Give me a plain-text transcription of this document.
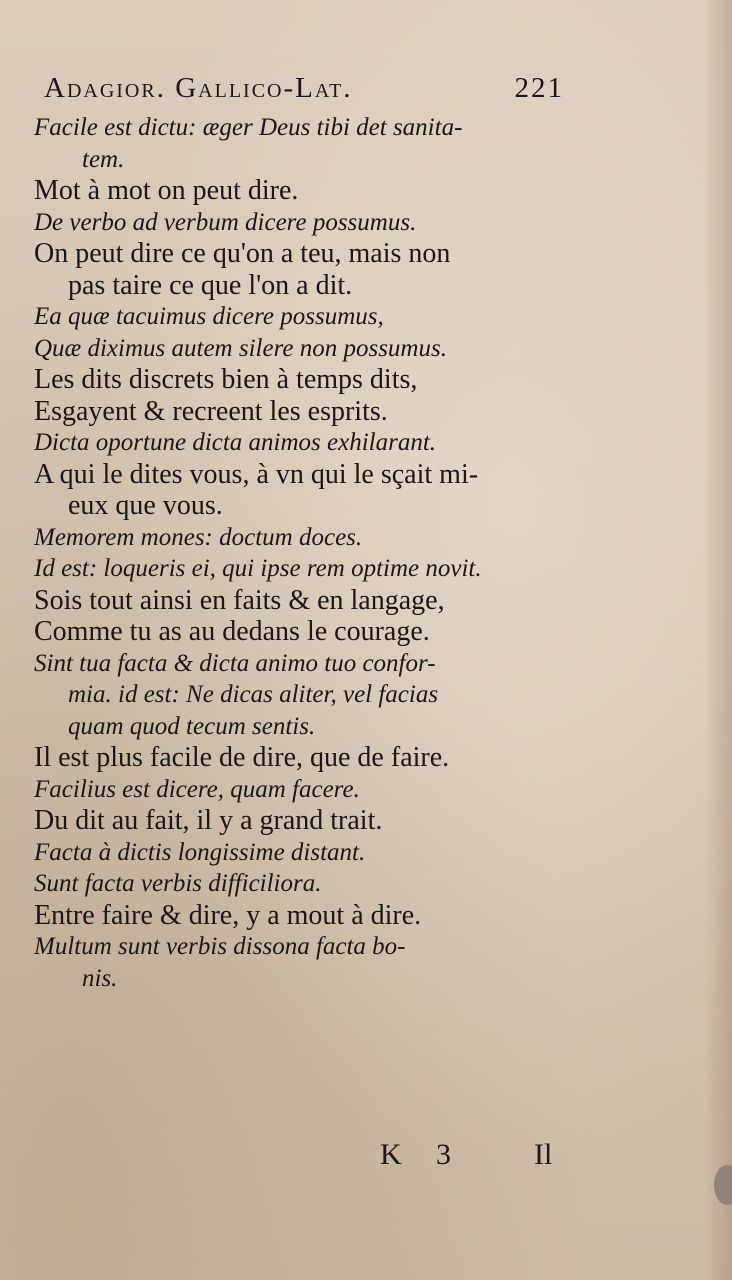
Adagior. Gallico-Lat.	221
Facile est dictu: æger Deus tibi det sanita-
tem.
Mot à mot on peut dire.
De verbo ad verbum dicere possumus.
On peut dire ce qu'on a teu, mais non
pas taire ce que l'on a dit.
Ea quæ tacuimus dicere possumus,
Quæ diximus autem silere non possumus.
Les dits discrets bien à temps dits,
Esgayent & recreent les esprits.
Dicta oportune dicta animos exhilarant.
A qui le dites vous, à vn qui le sçait mi-
eux que vous.
Memorem mones: doctum doces.
Id est: loqueris ei, qui ipse rem optime novit.
Sois tout ainsi en faits & en langage,
Comme tu as au dedans le courage.
Sint tua facta & dicta animo tuo confor-
mia. id est: Ne dicas aliter, vel facias
quam quod tecum sentis.
Il est plus facile de dire, que de faire.
Facilius est dicere, quam facere.
Du dit au fait, il y a grand trait.
Facta à dictis longissime distant.
Sunt facta verbis difficiliora.
Entre faire & dire, y a mout à dire.
Multum sunt verbis dissona facta bo-
nis.
K 3	Il
